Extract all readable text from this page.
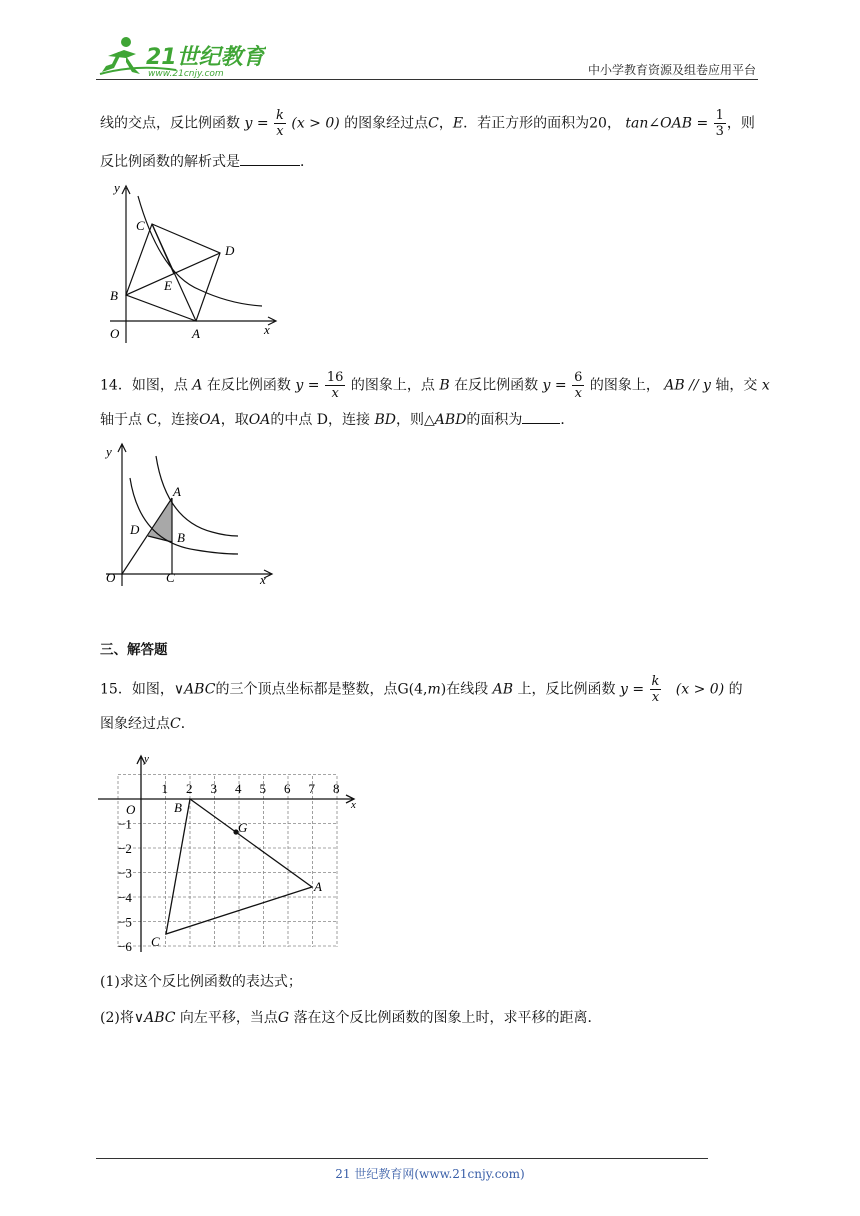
21世纪教育
www.21cnjy.com	中小学教育资源及组卷应用平台
线的交点，反比例函数 $y = \frac{k}{x} (x > 0)$ 的图象经过点C，E．若正方形的面积为20， tan∠OAB = $\frac{1}{3}$ ，则
反比例函数的解析式是	．
y
C
D
E
B
O	A	x
14．如图，点 A 在反比例函数 $y = \frac{16}{x}$ 的图象上，点 B 在反比例函数 $y = \frac{6}{x}$ 的图象上， AB // y 轴，交 x
轴于点 C，连接OA，取OA的中点 D，连接 BD，则△ABD的面积为	．
y
A
D
B
O	C	x
三、解答题
15．如图，∨ABC的三个顶点坐标都是整数，点G(4,m)在线段 AB 上，反比例函数 $y = \frac{k}{x} (x > 0)$ 的
图象经过点C．
1 2 3 4 5 6 7 8
−1
−2
−3
−4
−5
−6
y
x
O	B
G
A
C
(1)求这个反比例函数的表达式；
(2)将∨ABC 向左平移，当点G 落在这个反比例函数的图象上时，求平移的距离．
21 世纪教育网(www.21cnjy.com)
